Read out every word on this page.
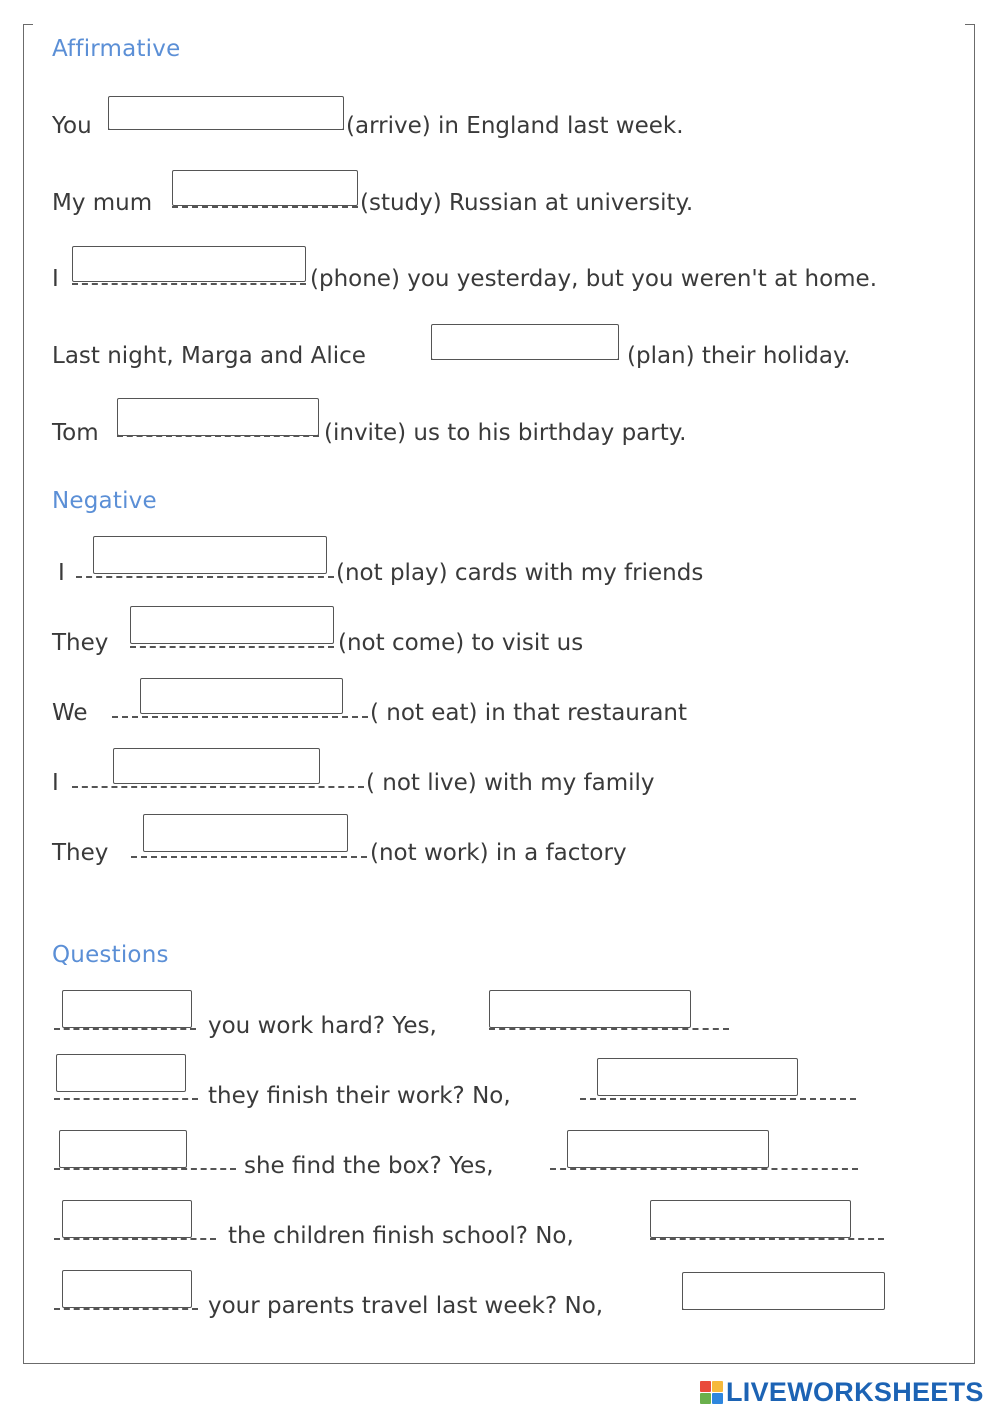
Affirmative
You	(arrive) in England last week.
My mum	(study) Russian at university.
I	(phone) you yesterday, but you weren't at home.
Last night, Marga and Alice	(plan) their holiday.
Tom	(invite) us to his birthday party.
Negative
I	(not play) cards with my friends
They	(not come) to visit us
We	( not eat) in that restaurant
I	( not live) with my family
They	(not work) in a factory
Questions
you work hard? Yes,
they finish their work? No,
she find the box? Yes,
the children finish school? No,
your parents travel last week? No,
LIVEWORKSHEETS
